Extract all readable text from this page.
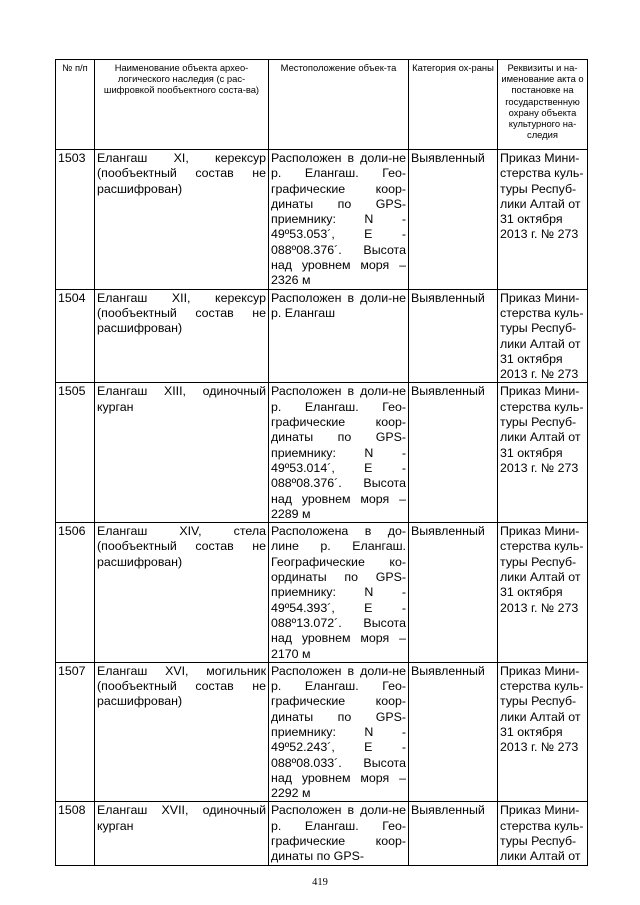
№ п/п	Наименование объекта архео-логического наследия (с рас-шифровкой пообъектного соста-ва)	Местоположение объек-та	Категория ох-раны	Реквизиты и на-именование акта о постановке на государственную охрану объекта культурного на-следия
1503	Елангаш XI, керексур (пообъектный состав не расшифрован)	Расположен в доли-не р. Елангаш. Гео-графические коор-динаты по GPS-приемнику: N - 49º53.053´, E - 088º08.376´. Высота над уровнем моря – 2326 м	Выявленный	Приказ Мини-стерства куль-туры Респуб-лики Алтай от 31 октября 2013 г. № 273
1504	Елангаш XII, керексур (пообъектный состав не расшифрован)	Расположен в доли-не р. Елангаш	Выявленный	Приказ Мини-стерства куль-туры Респуб-лики Алтай от 31 октября 2013 г. № 273
1505	Елангаш XIII, одиночный курган	Расположен в доли-не р. Елангаш. Гео-графические коор-динаты по GPS-приемнику: N - 49º53.014´, E - 088º08.376´. Высота над уровнем моря – 2289 м	Выявленный	Приказ Мини-стерства куль-туры Респуб-лики Алтай от 31 октября 2013 г. № 273
1506	Елангаш XIV, стела (пообъектный состав не расшифрован)	Расположена в до-лине р. Елангаш. Географические ко-ординаты по GPS-приемнику: N - 49º54.393´, E - 088º13.072´. Высота над уровнем моря – 2170 м	Выявленный	Приказ Мини-стерства куль-туры Респуб-лики Алтай от 31 октября 2013 г. № 273
1507	Елангаш XVI, могильник (пообъектный состав не расшифрован)	Расположен в доли-не р. Елангаш. Гео-графические коор-динаты по GPS-приемнику: N - 49º52.243´, E - 088º08.033´. Высота над уровнем моря – 2292 м	Выявленный	Приказ Мини-стерства куль-туры Респуб-лики Алтай от 31 октября 2013 г. № 273
1508	Елангаш XVII, одиночный курган	Расположен в доли-не р. Елангаш. Гео-графические коор-динаты по GPS-	Выявленный	Приказ Мини-стерства куль-туры Респуб-лики Алтай от
419
